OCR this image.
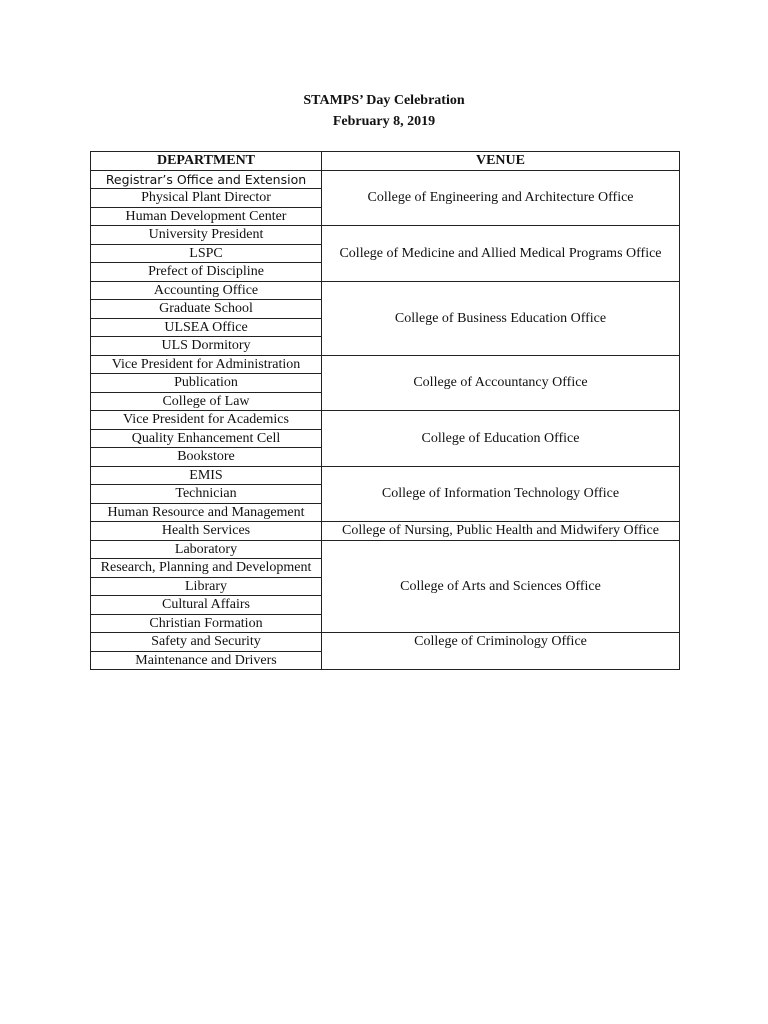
STAMPS’ Day Celebration
February 8, 2019
DEPARTMENT	VENUE
Registrar’s Office and Extension	College of Engineering and Architecture Office
Physical Plant Director	
Human Development Center	
University President	College of Medicine and Allied Medical Programs Office
LSPC	
Prefect of Discipline	
Accounting Office	College of Business Education Office
Graduate School	
ULSEA Office	
ULS Dormitory	
Vice President for Administration	College of Accountancy Office
Publication	
College of Law	
Vice President for Academics	College of Education Office
Quality Enhancement Cell	
Bookstore	
EMIS	College of Information Technology Office
Technician	
Human Resource and Management	
Health Services	College of Nursing, Public Health and Midwifery Office
Laboratory	College of Arts and Sciences Office
Research, Planning and Development	
Library	
Cultural Affairs	
Christian Formation	
Safety and Security	College of Criminology Office
Maintenance and Drivers	
